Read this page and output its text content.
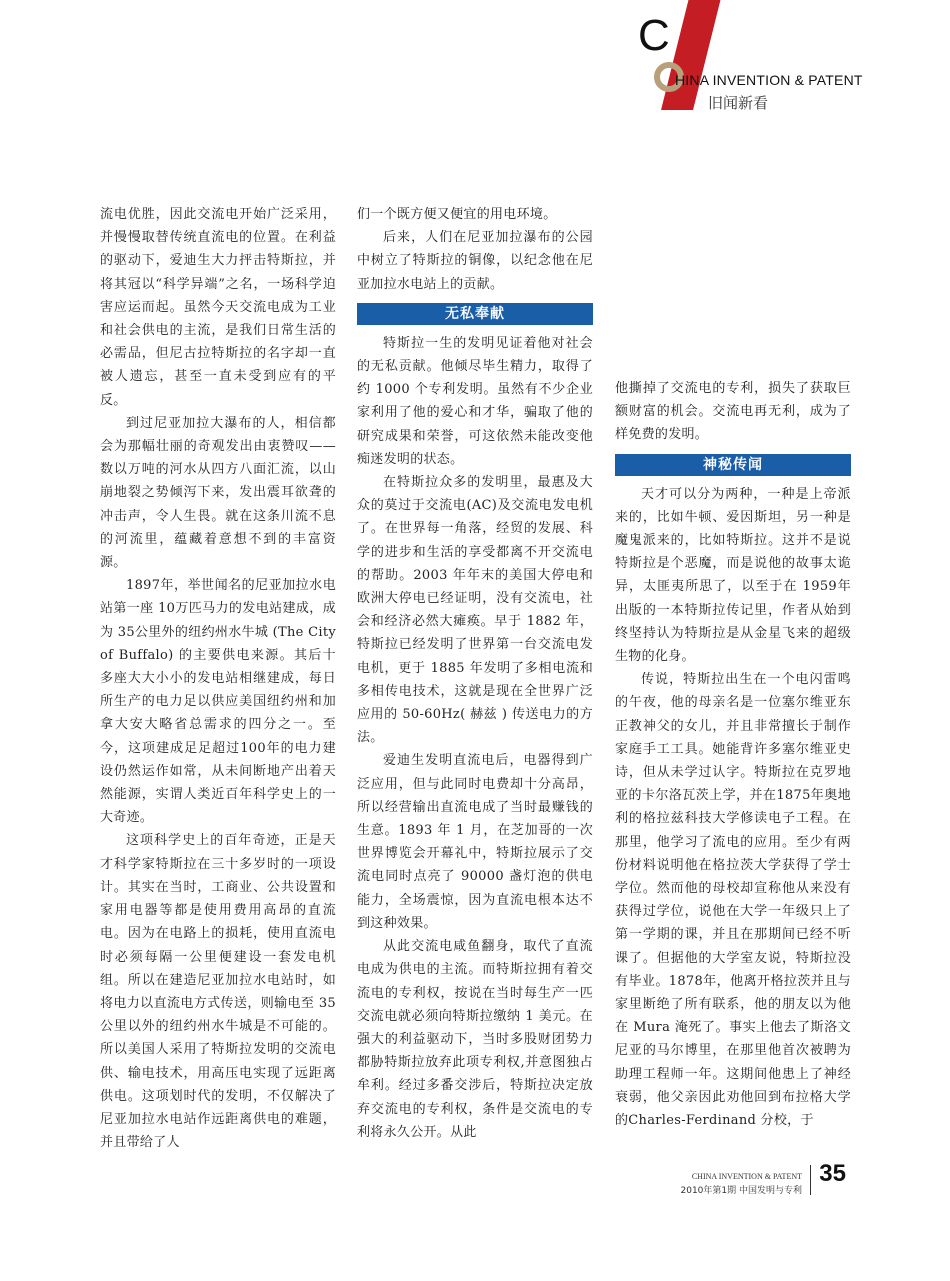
C
HINA INVENTION & PATENT
旧闻新看

流电优胜，因此交流电开始广泛采用，并慢慢取替传统直流电的位置。在利益的驱动下，爱迪生大力抨击特斯拉，并将其冠以“科学异端”之名，一场科学迫害应运而起。虽然今天交流电成为工业和社会供电的主流，是我们日常生活的必需品，但尼古拉特斯拉的名字却一直被人遗忘，甚至一直未受到应有的平反。

到过尼亚加拉大瀑布的人，相信都会为那幅壮丽的奇观发出由衷赞叹—— 数以万吨的河水从四方八面汇流，以山崩地裂之势倾泻下来，发出震耳欲聋的冲击声，令人生畏。就在这条川流不息的河流里，蕴藏着意想不到的丰富资源。

1897年，举世闻名的尼亚加拉水电站第一座 10万匹马力的发电站建成，成为 35公里外的纽约州水牛城 (The City of Buffalo) 的主要供电来源。其后十多座大大小小的发电站相继建成，每日所生产的电力足以供应美国纽约州和加拿大安大略省总需求的四分之一。至今，这项建成足足超过100年的电力建设仍然运作如常，从未间断地产出着天然能源，实谓人类近百年科学史上的一大奇迹。

这项科学史上的百年奇迹，正是天才科学家特斯拉在三十多岁时的一项设计。其实在当时，工商业、公共设置和家用电器等都是使用费用高昂的直流电。因为在电路上的损耗，使用直流电时必须每隔一公里便建设一套发电机组。所以在建造尼亚加拉水电站时，如将电力以直流电方式传送，则输电至 35公里以外的纽约州水牛城是不可能的。所以美国人采用了特斯拉发明的交流电供、输电技术，用高压电实现了远距离供电。这项划时代的发明，不仅解决了尼亚加拉水电站作远距离供电的难题，并且带给了人

们一个既方便又便宜的用电环境。

后来，人们在尼亚加拉瀑布的公园中树立了特斯拉的铜像，以纪念他在尼亚加拉水电站上的贡献。

无私奉献

特斯拉一生的发明见证着他对社会的无私贡献。他倾尽毕生精力，取得了约 1000 个专利发明。虽然有不少企业家利用了他的爱心和才华，骗取了他的研究成果和荣誉，可这依然未能改变他痴迷发明的状态。

在特斯拉众多的发明里，最惠及大众的莫过于交流电(AC)及交流电发电机了。在世界每一角落，经贸的发展、科学的进步和生活的享受都离不开交流电的帮助。2003 年年末的美国大停电和欧洲大停电已经证明，没有交流电，社会和经济必然大瘫痪。早于 1882 年，特斯拉已经发明了世界第一台交流电发电机，更于 1885 年发明了多相电流和多相传电技术，这就是现在全世界广泛应用的 50-60Hz( 赫兹 ) 传送电力的方法。

爱迪生发明直流电后，电器得到广泛应用，但与此同时电费却十分高昂，所以经营输出直流电成了当时最赚钱的生意。1893 年 1 月，在芝加哥的一次世界博览会开幕礼中，特斯拉展示了交流电同时点亮了 90000 盏灯泡的供电能力，全场震惊，因为直流电根本达不到这种效果。

从此交流电咸鱼翻身，取代了直流电成为供电的主流。而特斯拉拥有着交流电的专利权，按说在当时每生产一匹交流电就必须向特斯拉缴纳 1 美元。在强大的利益驱动下，当时多股财团势力都胁特斯拉放弃此项专利权,并意图独占牟利。经过多番交涉后，特斯拉决定放弃交流电的专利权，条件是交流电的专利将永久公开。从此

他撕掉了交流电的专利，损失了获取巨额财富的机会。交流电再无利，成为了样免费的发明。

神秘传闻

天才可以分为两种，一种是上帝派来的，比如牛顿、爱因斯坦，另一种是魔鬼派来的，比如特斯拉。这并不是说特斯拉是个恶魔，而是说他的故事太诡异，太匪夷所思了，以至于在 1959年出版的一本特斯拉传记里，作者从始到终坚持认为特斯拉是从金星飞来的超级生物的化身。

传说，特斯拉出生在一个电闪雷鸣的午夜，他的母亲名是一位塞尔维亚东正教神父的女儿，并且非常擅长于制作家庭手工工具。她能背许多塞尔维亚史诗，但从未学过认字。特斯拉在克罗地亚的卡尔洛瓦茨上学，并在1875年奥地利的格拉兹科技大学修读电子工程。在那里，他学习了流电的应用。至少有两份材料说明他在格拉茨大学获得了学士学位。然而他的母校却宣称他从来没有获得过学位，说他在大学一年级只上了第一学期的课，并且在那期间已经不听课了。但据他的大学室友说，特斯拉没有毕业。1878年，他离开格拉茨并且与家里断绝了所有联系，他的朋友以为他在 Mura 淹死了。事实上他去了斯洛文尼亚的马尔博里，在那里他首次被聘为助理工程师一年。这期间他患上了神经衰弱，他父亲因此劝他回到布拉格大学的Charles-Ferdinand 分校，于

CHINA INVENTION & PATENT
2010年第1期 中国发明与专利
35
